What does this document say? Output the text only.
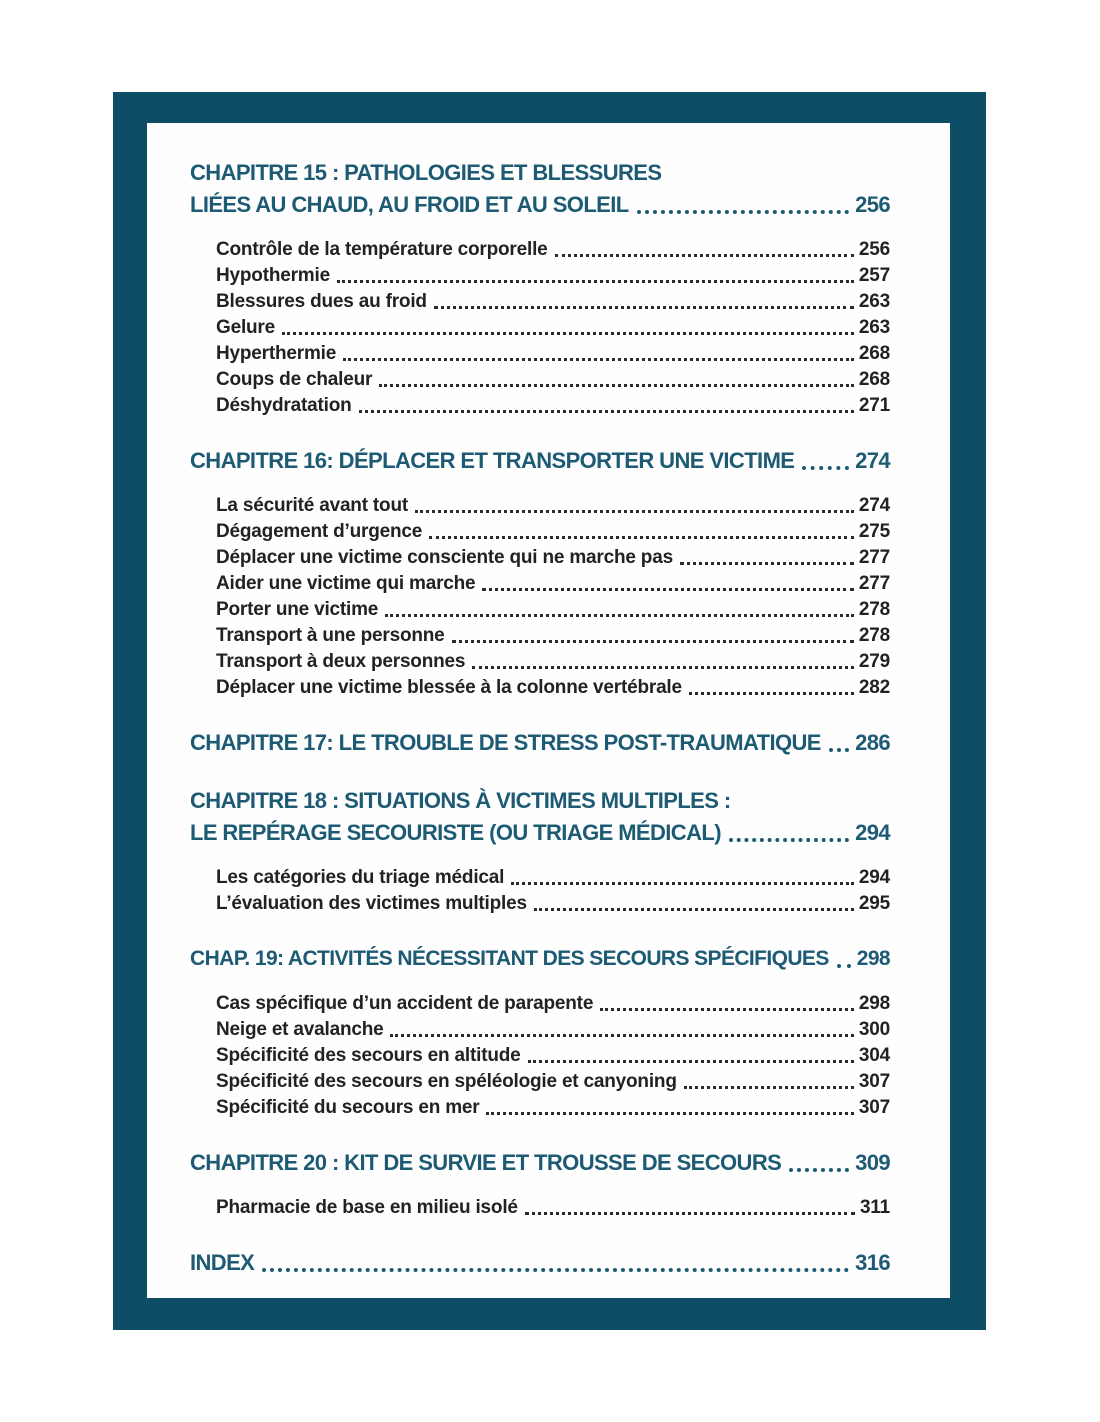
CHAPITRE 15 : PATHOLOGIES ET BLESSURES
LIÉES AU CHAUD, AU FROID ET AU SOLEIL	256
Contrôle de la température corporelle	256
Hypothermie	257
Blessures dues au froid	263
Gelure	263
Hyperthermie	268
Coups de chaleur	268
Déshydratation	271
CHAPITRE 16: DÉPLACER ET TRANSPORTER UNE VICTIME	274
La sécurité avant tout	274
Dégagement d’urgence	275
Déplacer une victime consciente qui ne marche pas	277
Aider une victime qui marche	277
Porter une victime	278
Transport à une personne	278
Transport à deux personnes	279
Déplacer une victime blessée à la colonne vertébrale	282
CHAPITRE 17: LE TROUBLE DE STRESS POST-TRAUMATIQUE 286
CHAPITRE 18 : SITUATIONS À VICTIMES MULTIPLES :
LE REPÉRAGE SECOURISTE (OU TRIAGE MÉDICAL)	294
Les catégories du triage médical	294
L’évaluation des victimes multiples	295
CHAP. 19: ACTIVITÉS NÉCESSITANT DES SECOURS SPÉCIFIQUES 298
Cas spécifique d’un accident de parapente	298
Neige et avalanche	300
Spécificité des secours en altitude	304
Spécificité des secours en spéléologie et canyoning	307
Spécificité du secours en mer	307
CHAPITRE 20 : KIT DE SURVIE ET TROUSSE DE SECOURS	309
Pharmacie de base en milieu isolé	311
INDEX	316
